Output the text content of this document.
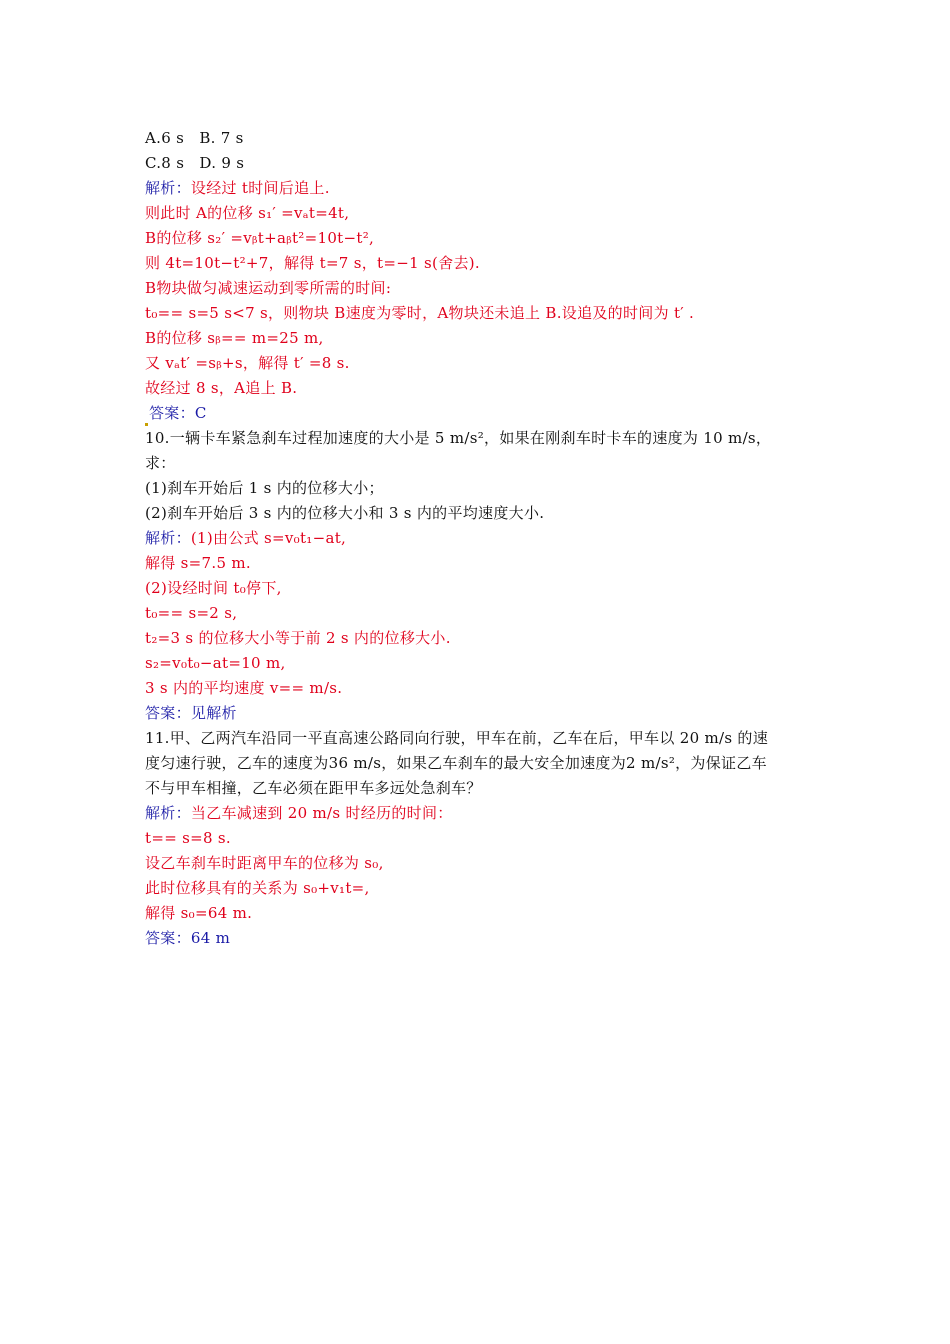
A.6 s   B. 7 s
C.8 s   D. 9 s
解析：设经过 t时间后追上.
则此时 A的位移 s₁′ =vₐt=4t,
B的位移 s₂′ =vᵦt+aᵦt²=10t−t²,
则 4t=10t−t²+7，解得 t=7 s，t=−1 s(舍去).
B物块做匀减速运动到零所需的时间:
t₀== s=5 s<7 s，则物块 B速度为零时，A物块还未追上 B.设追及的时间为 t′ .
B的位移 sᵦ== m=25 m,
又 vₐt′ =sᵦ+s，解得 t′ =8 s.
故经过 8 s，A追上 B.
答案：C
10.一辆卡车紧急刹车过程加速度的大小是 5 m/s²，如果在刚刹车时卡车的速度为 10 m/s，
求：
(1)刹车开始后 1 s 内的位移大小；
(2)刹车开始后 3 s 内的位移大小和 3 s 内的平均速度大小.
解析：(1)由公式 s=v₀t₁−at,
解得 s=7.5 m.
(2)设经时间 t₀停下,
t₀== s=2 s,
t₂=3 s 的位移大小等于前 2 s 内的位移大小.
s₂=v₀t₀−at=10 m,
3 s 内的平均速度 v== m/s.
答案：见解析
11.甲、乙两汽车沿同一平直高速公路同向行驶，甲车在前，乙车在后，甲车以 20 m/s 的速
度匀速行驶，乙车的速度为36 m/s，如果乙车刹车的最大安全加速度为2 m/s²，为保证乙车
不与甲车相撞，乙车必须在距甲车多远处急刹车？
解析：当乙车减速到 20 m/s 时经历的时间：
t== s=8 s.
设乙车刹车时距离甲车的位移为 s₀,
此时位移具有的关系为 s₀+v₁t=,
解得 s₀=64 m.
答案：64 m
